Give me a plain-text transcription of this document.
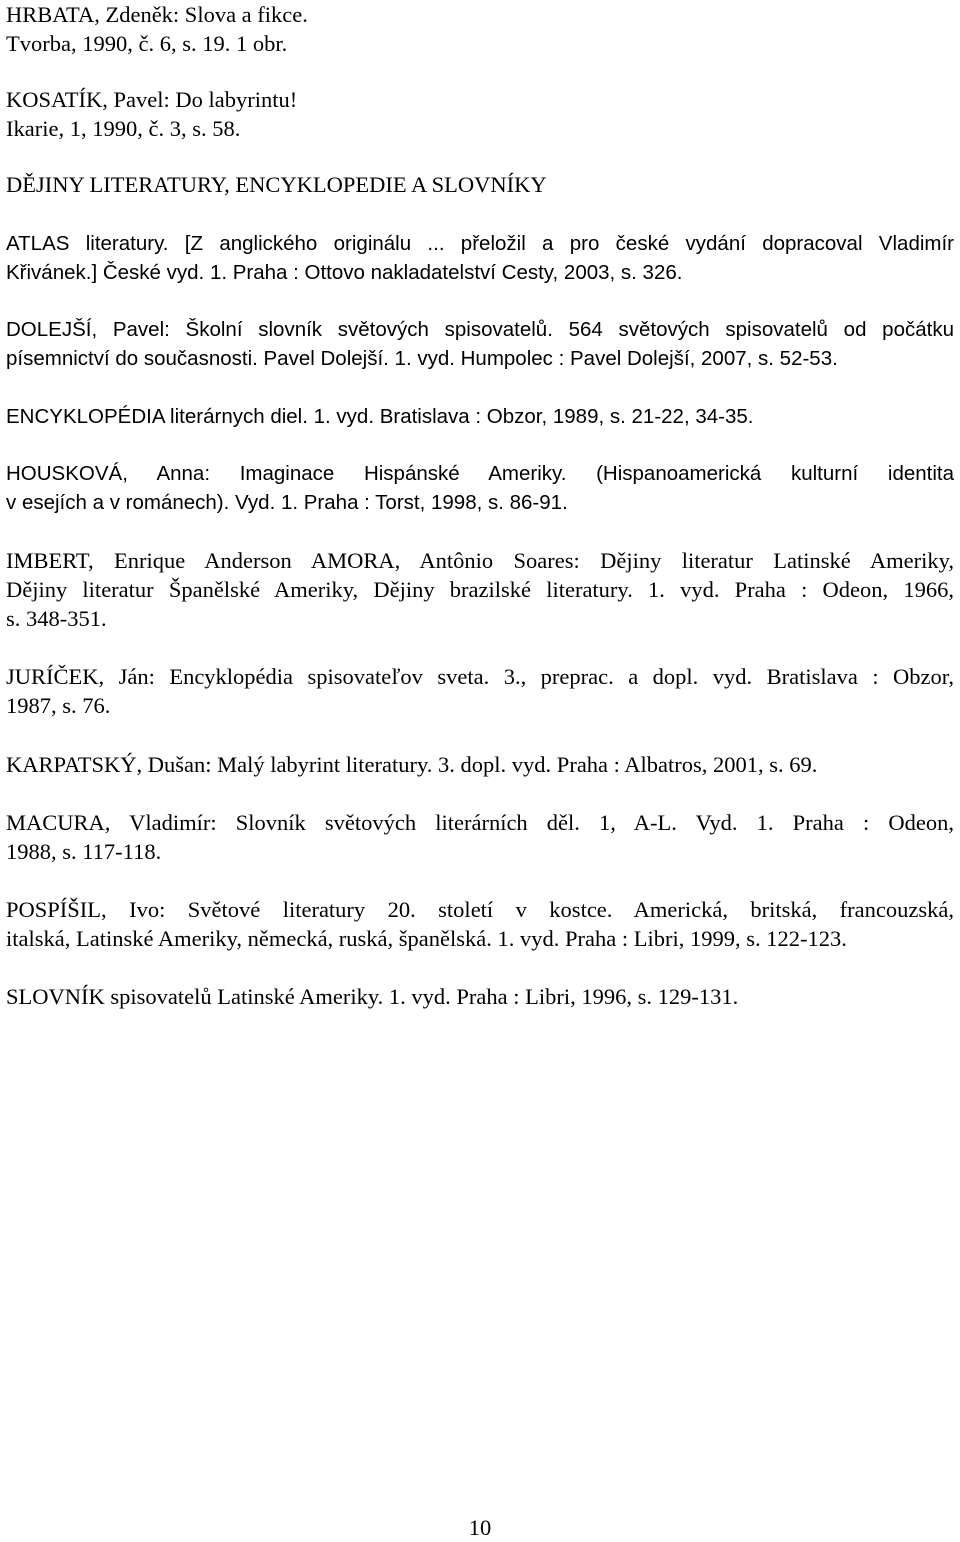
HRBATA, Zdeněk: Slova a fikce.
Tvorba, 1990, č. 6, s. 19. 1 obr.
KOSATÍK, Pavel: Do labyrintu!
Ikarie, 1, 1990, č. 3, s. 58.
DĚJINY LITERATURY, ENCYKLOPEDIE A SLOVNÍKY
ATLAS literatury. [Z anglického originálu ... přeložil a pro české vydání dopracoval Vladimír
Křivánek.] České vyd. 1. Praha : Ottovo nakladatelství Cesty, 2003, s. 326.
DOLEJŠÍ, Pavel: Školní slovník světových spisovatelů. 564 světových spisovatelů od počátku
písemnictví do současnosti. Pavel Dolejší. 1. vyd. Humpolec : Pavel Dolejší, 2007, s. 52-53.
ENCYKLOPÉDIA literárnych diel. 1. vyd. Bratislava : Obzor, 1989, s. 21-22, 34-35.
HOUSKOVÁ, Anna: Imaginace Hispánské Ameriky. (Hispanoamerická kulturní identita
v esejích a v románech). Vyd. 1. Praha : Torst, 1998, s. 86-91.
IMBERT, Enrique Anderson AMORA, Antônio Soares: Dějiny literatur Latinské Ameriky,
Dějiny literatur Španělské Ameriky, Dějiny brazilské literatury. 1. vyd. Praha : Odeon, 1966,
s. 348-351.
JURÍČEK, Ján: Encyklopédia spisovateľov sveta. 3., preprac. a dopl. vyd. Bratislava : Obzor,
1987, s. 76.
KARPATSKÝ, Dušan: Malý labyrint literatury. 3. dopl. vyd. Praha : Albatros, 2001, s. 69.
MACURA, Vladimír: Slovník světových literárních děl. 1, A-L. Vyd. 1. Praha : Odeon,
1988, s. 117-118.
POSPÍŠIL, Ivo: Světové literatury 20. století v kostce. Americká, britská, francouzská,
italská, Latinské Ameriky, německá, ruská, španělská. 1. vyd. Praha : Libri, 1999, s. 122-123.
SLOVNÍK spisovatelů Latinské Ameriky. 1. vyd. Praha : Libri, 1996, s. 129-131.
10
